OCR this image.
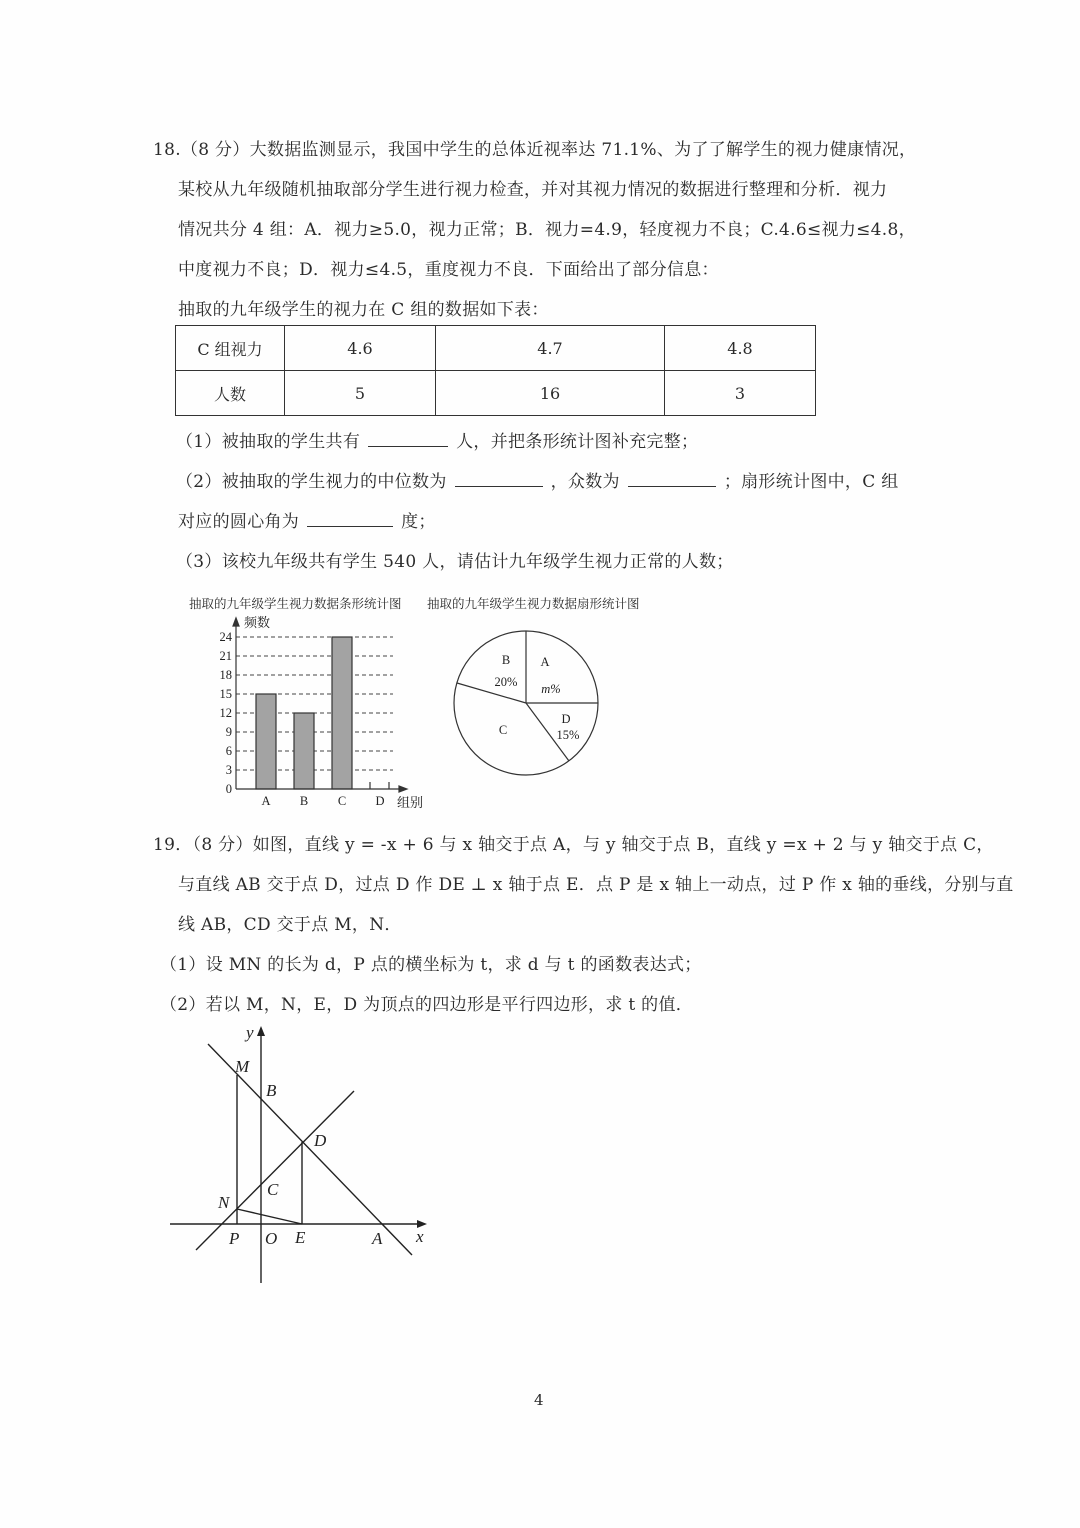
18.（8 分）大数据监测显示，我国中学生的总体近视率达 71.1%、为了了解学生的视力健康情况，
某校从九年级随机抽取部分学生进行视力检查，并对其视力情况的数据进行整理和分析．视力
情况共分 4 组：A．视力≥5.0，视力正常；B．视力=4.9，轻度视力不良；C.4.6≤视力≤4.8，
中度视力不良；D．视力≤4.5，重度视力不良．下面给出了部分信息：
抽取的九年级学生的视力在 C 组的数据如下表：
C 组视力	4.6	4.7	4.8
人数	5	16	3
（1）被抽取的学生共有	人，并把条形统计图补充完整；
（2）被抽取的学生视力的中位数为	，众数为	；扇形统计图中，C 组
对应的圆心角为	度；
（3）该校九年级共有学生 540 人，请估计九年级学生视力正常的人数；
抽取的九年级学生视力数据条形统计图 抽取的九年级学生视力数据扇形统计图
0
3
6
9
12
15
18
21
24
频数
A B C D 组别
A
m%
B
20%
C
D
15%
19．（8 分）如图，直线 y = -x + 6 与 x 轴交于点 A，与 y 轴交于点 B，直线 y =x + 2 与 y 轴交于点 C，
与直线 AB 交于点 D，过点 D 作 DE ⊥ x 轴于点 E．点 P 是 x 轴上一动点，过 P 作 x 轴的垂线，分别与直
线 AB，CD 交于点 M，N．
（1）设 MN 的长为 d，P 点的横坐标为 t，求 d 与 t 的函数表达式；
（2）若以 M，N，E，D 为顶点的四边形是平行四边形，求 t 的值．
y
x
M
B
D
C
N
P O E	A
4
